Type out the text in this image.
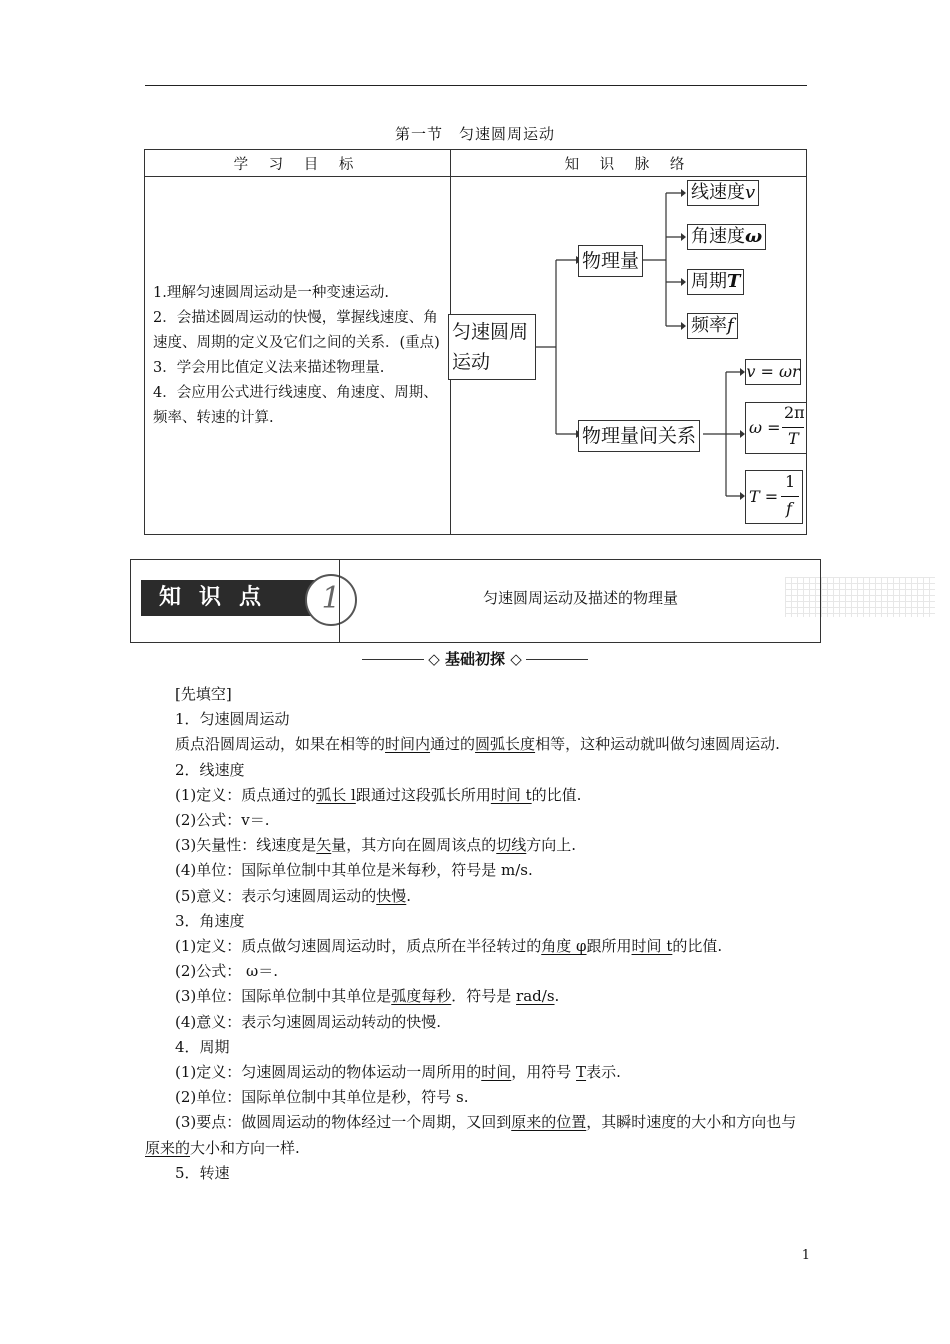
第一节 匀速圆周运动
学 习 目 标	知 识 脉 络

1.理解匀速圆周运动是一种变速运动.
2．会描述圆周运动的快慢，掌握线速度、角速度、周期的定义及它们之间的关系．(重点)
3．学会用比值定义法来描述物理量.
4．会应用公式进行线速度、角速度、周期、频率、转速的计算.	

匀速圆周运动
物理量
物理量间关系
线速度v
角速度ω
周期T
频率f
v = ωr
ω =
2π
T
T =
1
f
知识点	1	匀速圆周运动及描述的物理量
◇ 基础初探 ◇

[先填空]

1．匀速圆周运动

质点沿圆周运动，如果在相等的时间内通过的圆弧长度相等，这种运动就叫做匀速圆周运动.

2．线速度

(1)定义：质点通过的弧长 l跟通过这段弧长所用时间 t的比值.

(2)公式：v＝.

(3)矢量性：线速度是矢量，其方向在圆周该点的切线方向上.

(4)单位：国际单位制中其单位是米每秒，符号是 m/s.

(5)意义：表示匀速圆周运动的快慢.

3．角速度

(1)定义：质点做匀速圆周运动时，质点所在半径转过的角度 φ跟所用时间 t的比值.

(2)公式： ω＝.

(3)单位：国际单位制中其单位是弧度每秒．符号是 rad/s.

(4)意义：表示匀速圆周运动转动的快慢.

4．周期

(1)定义：匀速圆周运动的物体运动一周所用的时间，用符号 T表示.

(2)单位：国际单位制中其单位是秒，符号 s.

(3)要点：做圆周运动的物体经过一个周期，又回到原来的位置，其瞬时速度的大小和方向也与原来的大小和方向一样.

5．转速

1
